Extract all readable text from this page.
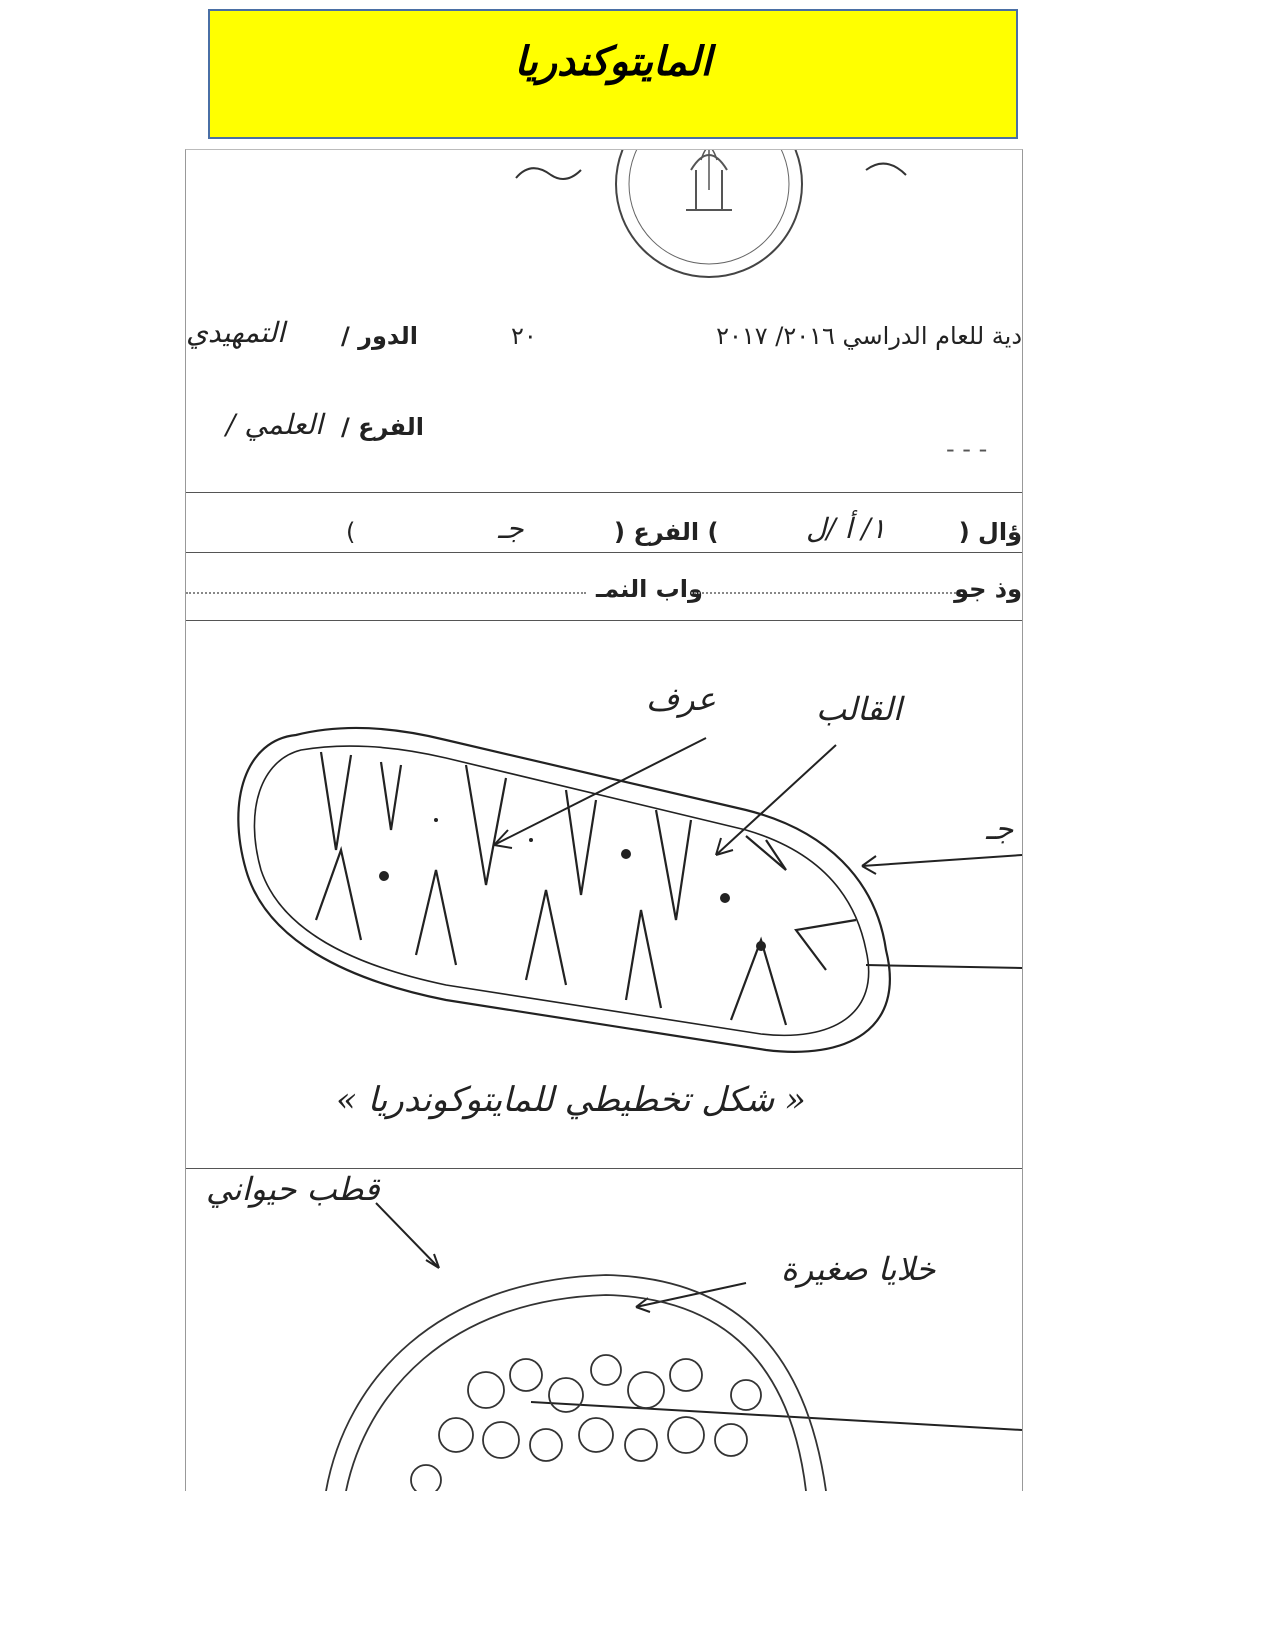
المايتوكندريا
دية للعام الدراسي ٢٠١٦/ ٢٠١٧
٢٠
الدور /
التمهيدي
الفرع /
العلمي /
- - -
ؤال (
١/ أ /ل
) الفرع (
جـ
)
وذ جو
واب النمـ
عرف	القالب
جـ
« شكل تخطيطي للمايتوكوندريا »
قطب حيواني
خلايا صغيرة
